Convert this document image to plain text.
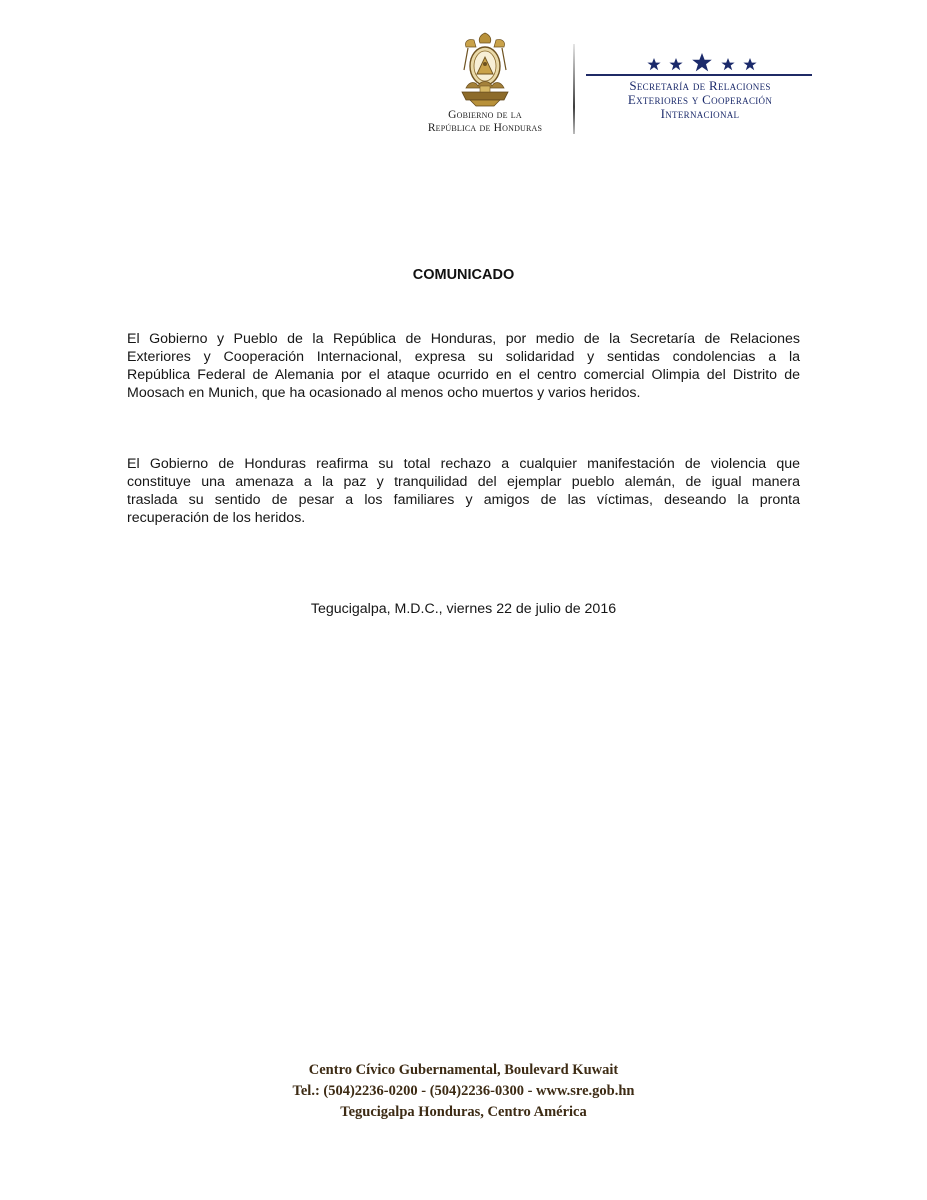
Gobierno de la
República de Honduras
Secretaría de Relaciones
Exteriores y Cooperación
Internacional
COMUNICADO
El Gobierno y Pueblo de la República de Honduras, por medio de la Secretaría de Relaciones
Exteriores y Cooperación Internacional, expresa su solidaridad y sentidas condolencias a la
República Federal de Alemania por el ataque ocurrido en el centro comercial Olimpia del Distrito de
Moosach en Munich, que ha ocasionado al menos ocho muertos y varios heridos.
El Gobierno de Honduras reafirma su total rechazo a cualquier manifestación de violencia que
constituye una amenaza a la paz y tranquilidad del ejemplar pueblo alemán, de igual manera
traslada su sentido de pesar a los familiares y amigos de las víctimas, deseando la pronta
recuperación de los heridos.
Tegucigalpa, M.D.C., viernes 22 de julio de 2016
Centro Cívico Gubernamental, Boulevard Kuwait
Tel.: (504)2236-0200 - (504)2236-0300 - www.sre.gob.hn
Tegucigalpa Honduras, Centro América
